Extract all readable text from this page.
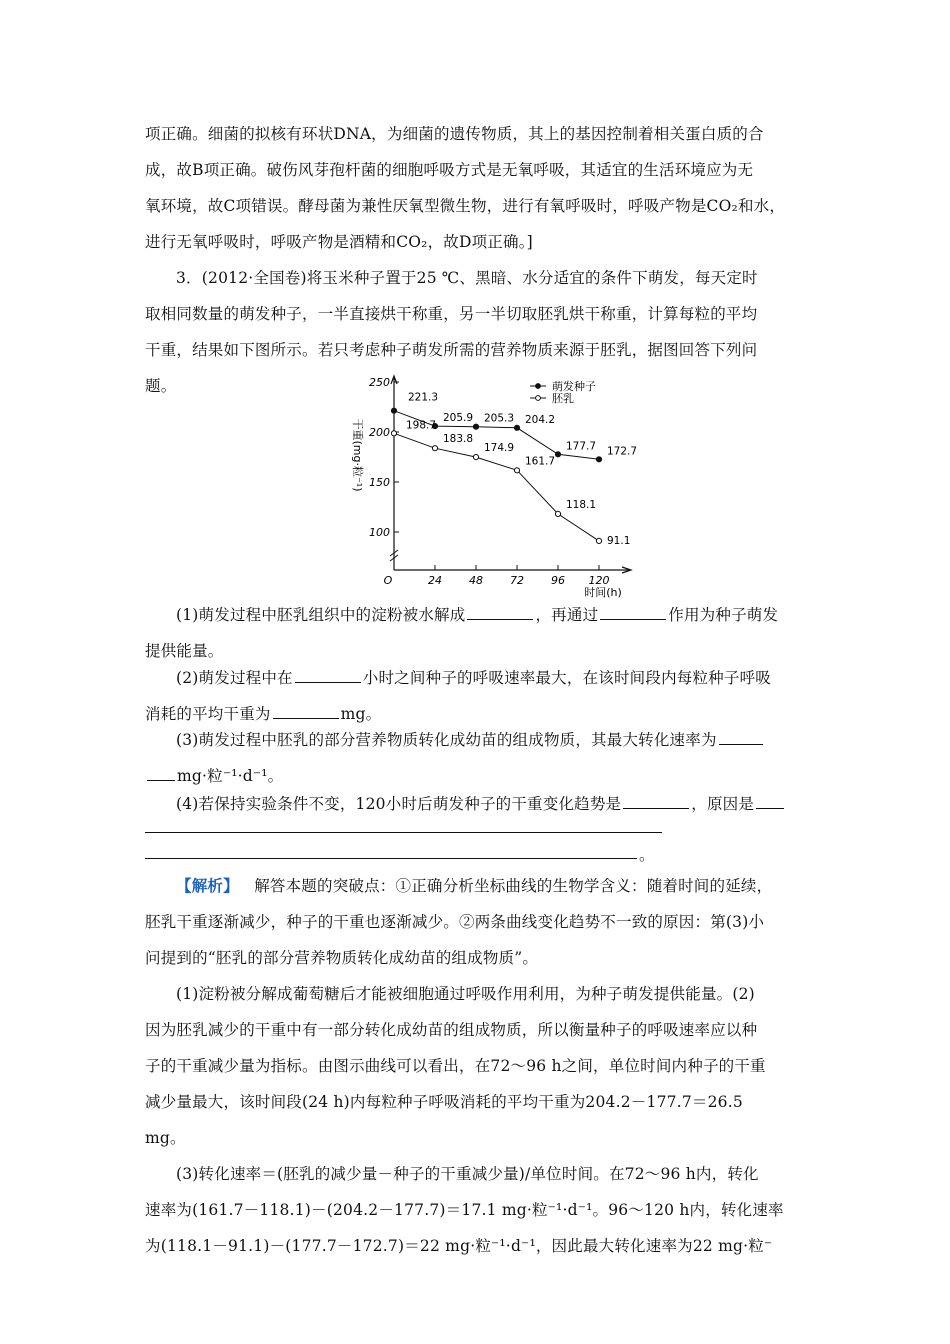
项正确。细菌的拟核有环状DNA，为细菌的遗传物质，其上的基因控制着相关蛋白质的合
成，故B项正确。破伤风芽孢杆菌的细胞呼吸方式是无氧呼吸，其适宜的生活环境应为无
氧环境，故C项错误。酵母菌为兼性厌氧型微生物，进行有氧呼吸时，呼吸产物是CO₂和水，
进行无氧呼吸时，呼吸产物是酒精和CO₂，故D项正确。]
3．(2012·全国卷)将玉米种子置于25 ℃、黑暗、水分适宜的条件下萌发，每天定时
取相同数量的萌发种子，一半直接烘干称重，另一半切取胚乳烘干称重，计算每粒的平均
干重，结果如下图所示。若只考虑种子萌发所需的营养物质来源于胚乳，据图回答下列问
题。
100
150
200
250
24 48 72 96 120
O
时间(h)
干重(mg·粒⁻¹)
221.3
205.9 205.3 204.2
177.7 172.7
198.7
183.8
174.9
161.7
118.1
91.1
萌发种子
胚乳
(1)萌发过程中胚乳组织中的淀粉被水解成	，再通过	作用为种子萌发
提供能量。
(2)萌发过程中在	小时之间种子的呼吸速率最大，在该时间段内每粒种子呼吸
消耗的平均干重为	mg。
(3)萌发过程中胚乳的部分营养物质转化成幼苗的组成物质，其最大转化速率为
mg·粒⁻¹·d⁻¹。
(4)若保持实验条件不变，120小时后萌发种子的干重变化趋势是	，原因是
。
【解析】 解答本题的突破点：①正确分析坐标曲线的生物学含义：随着时间的延续，
胚乳干重逐渐减少，种子的干重也逐渐减少。②两条曲线变化趋势不一致的原因：第(3)小
问提到的“胚乳的部分营养物质转化成幼苗的组成物质”。
(1)淀粉被分解成葡萄糖后才能被细胞通过呼吸作用利用，为种子萌发提供能量。(2)
因为胚乳减少的干重中有一部分转化成幼苗的组成物质，所以衡量种子的呼吸速率应以种
子的干重减少量为指标。由图示曲线可以看出，在72～96 h之间，单位时间内种子的干重
减少量最大，该时间段(24 h)内每粒种子呼吸消耗的平均干重为204.2－177.7＝26.5
mg。
(3)转化速率＝(胚乳的减少量－种子的干重减少量)/单位时间。在72～96 h内，转化
速率为(161.7－118.1)－(204.2－177.7)＝17.1 mg·粒⁻¹·d⁻¹。96～120 h内，转化速率
为(118.1－91.1)－(177.7－172.7)＝22 mg·粒⁻¹·d⁻¹，因此最大转化速率为22 mg·粒⁻
